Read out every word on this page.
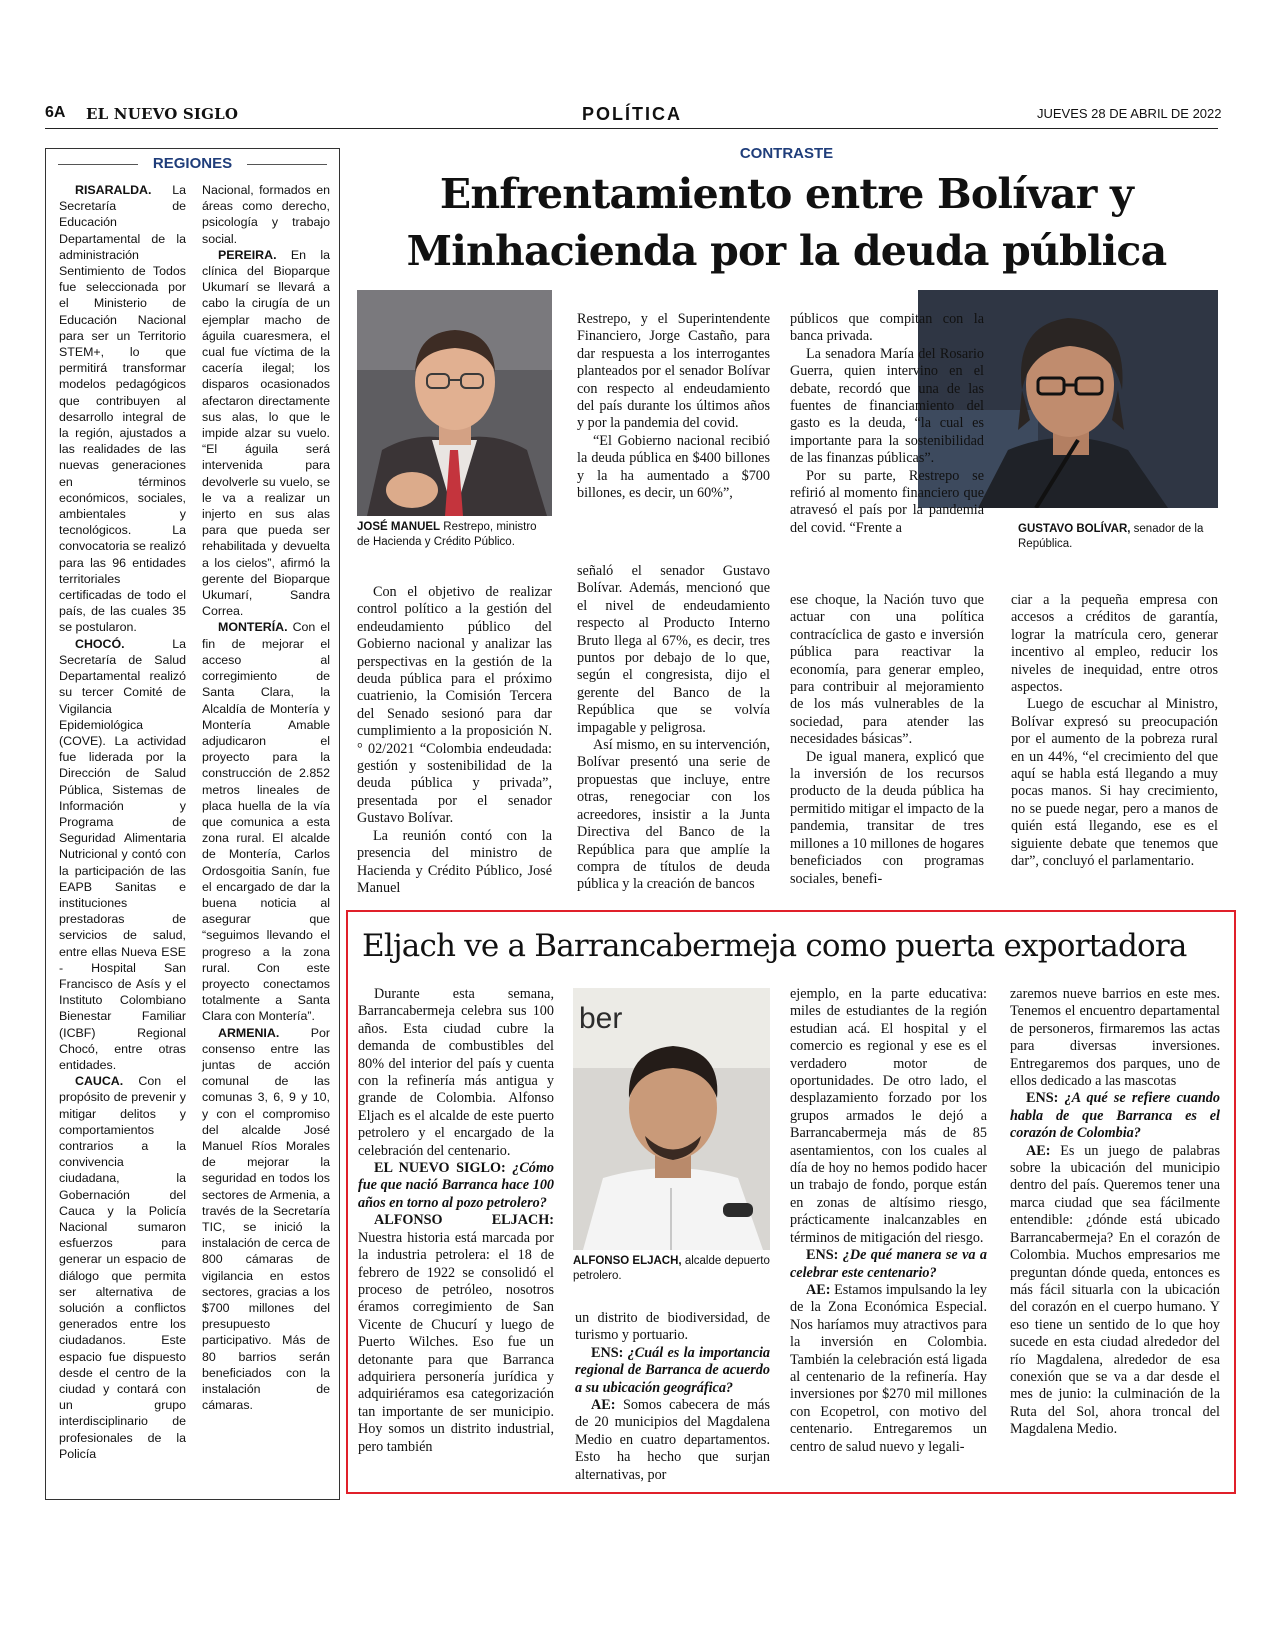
6A EL NUEVO SIGLO	POLÍTICA	JUEVES 28 DE ABRIL DE 2022
REGIONES

RISARALDA. La Secretaría de Educación Departamental de la administración Sentimiento de Todos fue seleccionada por el Ministerio de Educación Nacional para ser un Territorio STEM+, lo que permitirá transformar modelos pedagógicos que contribuyen al desarrollo integral de la región, ajustados a las realidades de las nuevas generaciones en términos económicos, sociales, ambientales y tecnológicos. La convocatoria se realizó para las 96 entidades territoriales certificadas de todo el país, de las cuales 35 se postularon.

CHOCÓ. La Secretaría de Salud Departamental realizó su tercer Comité de Vigilancia Epidemiológica (COVE). La actividad fue liderada por la Dirección de Salud Pública, Sistemas de Información y Programa de Seguridad Alimentaria Nutricional y contó con la participación de las EAPB Sanitas e instituciones prestadoras de servicios de salud, entre ellas Nueva ESE - Hospital San Francisco de Asís y el Instituto Colombiano Bienestar Familiar (ICBF) Regional Chocó, entre otras entidades.

CAUCA. Con el propósito de prevenir y mitigar delitos y comportamientos contrarios a la convivencia ciudadana, la Gobernación del Cauca y la Policía Nacional sumaron esfuerzos para generar un espacio de diálogo que permita ser alternativa de solución a conflictos generados entre los ciudadanos. Este espacio fue dispuesto desde el centro de la ciudad y contará con un grupo interdisciplinario de profesionales de la Policía

Nacional, formados en áreas como derecho, psicología y trabajo social.

PEREIRA. En la clínica del Bioparque Ukumarí se llevará a cabo la cirugía de un ejemplar macho de águila cuaresmera, el cual fue víctima de la cacería ilegal; los disparos ocasionados afectaron directamente sus alas, lo que le impide alzar su vuelo. “El águila será intervenida para devolverle su vuelo, se le va a realizar un injerto en sus alas para que pueda ser rehabilitada y devuelta a los cielos”, afirmó la gerente del Bioparque Ukumarí, Sandra Correa.

MONTERÍA. Con el fin de mejorar el acceso al corregimiento de Santa Clara, la Alcaldía de Montería y Montería Amable adjudicaron el proyecto para la construcción de 2.852 metros lineales de placa huella de la vía que comunica a esta zona rural. El alcalde de Montería, Carlos Ordosgoitia Sanín, fue el encargado de dar la buena noticia al asegurar que “seguimos llevando el progreso a la zona rural. Con este proyecto conectamos totalmente a Santa Clara con Montería”.

ARMENIA. Por consenso entre las juntas de acción comunal de las comunas 3, 6, 9 y 10, y con el compromiso del alcalde José Manuel Ríos Morales de mejorar la seguridad en todos los sectores de Armenia, a través de la Secretaría TIC, se inició la instalación de cerca de 800 cámaras de vigilancia en estos sectores, gracias a los $700 millones del presupuesto participativo. Más de 80 barrios serán beneficiados con la instalación de cámaras.

CONTRASTE
Enfrentamiento entre Bolívar y
Minhacienda por la deuda pública
JOSÉ MANUEL Restrepo, ministro de Hacienda y Crédito Público.
GUSTAVO BOLÍVAR, senador de la República.

Restrepo, y el Superintendente Financiero, Jorge Castaño, para dar respuesta a los interrogantes planteados por el senador Bolívar con respecto al endeudamiento del país durante los últimos años y por la pandemia del covid.

“El Gobierno nacional recibió la deuda pública en $400 billones y la ha aumentado a $700 billones, es decir, un 60%”,

públicos que compitan con la banca privada.

La senadora María del Rosario Guerra, quien intervino en el debate, recordó que una de las fuentes de financiamiento del gasto es la deuda, “la cual es importante para la sostenibilidad de las finanzas públicas”.

Por su parte, Restrepo se refirió al momento financiero que atravesó el país por la pandemia del covid. “Frente a

Con el objetivo de realizar control político a la gestión del endeudamiento público del Gobierno nacional y analizar las perspectivas en la gestión de la deuda pública para el próximo cuatrienio, la Comisión Tercera del Senado sesionó para dar cumplimiento a la proposición N.° 02/2021 “Colombia endeudada: gestión y sostenibilidad de la deuda pública y privada”, presentada por el senador Gustavo Bolívar.

La reunión contó con la presencia del ministro de Hacienda y Crédito Público, José Manuel

señaló el senador Gustavo Bolívar. Además, mencionó que el nivel de endeudamiento respecto al Producto Interno Bruto llega al 67%, es decir, tres puntos por debajo de lo que, según el congresista, dijo el gerente del Banco de la República que se volvía impagable y peligrosa.

Así mismo, en su intervención, Bolívar presentó una serie de propuestas que incluye, entre otras, renegociar con los acreedores, insistir a la Junta Directiva del Banco de la República para que amplíe la compra de títulos de deuda pública y la creación de bancos

ese choque, la Nación tuvo que actuar con una política contracíclica de gasto e inversión pública para reactivar la economía, para generar empleo, para contribuir al mejoramiento de los más vulnerables de la sociedad, para atender las necesidades básicas”.

De igual manera, explicó que la inversión de los recursos producto de la deuda pública ha permitido mitigar el impacto de la pandemia, transitar de tres millones a 10 millones de hogares beneficiados con programas sociales, benefi-

ciar a la pequeña empresa con accesos a créditos de garantía, lograr la matrícula cero, generar incentivo al empleo, reducir los niveles de inequidad, entre otros aspectos.

Luego de escuchar al Ministro, Bolívar expresó su preocupación por el aumento de la pobreza rural en un 44%, “el crecimiento del que aquí se habla está llegando a muy pocas manos. Si hay crecimiento, no se puede negar, pero a manos de quién está llegando, ese es el siguiente debate que tenemos que dar”, concluyó el parlamentario.

Eljach ve a Barrancabermeja como puerta exportadora
ber
ALFONSO ELJACH, alcalde depuerto petrolero.

Durante esta semana, Barrancabermeja celebra sus 100 años. Esta ciudad cubre la demanda de combustibles del 80% del interior del país y cuenta con la refinería más antigua y grande de Colombia. Alfonso Eljach es el alcalde de este puerto petrolero y el encargado de la celebración del centenario.

EL NUEVO SIGLO: ¿Cómo fue que nació Barranca hace 100 años en torno al pozo petrolero?

ALFONSO ELJACH: Nuestra historia está marcada por la industria petrolera: el 18 de febrero de 1922 se consolidó el proceso de petróleo, nosotros éramos corregimiento de San Vicente de Chucurí y luego de Puerto Wilches. Eso fue un detonante para que Barranca adquiriera personería jurídica y adquiriéramos esa categorización tan importante de ser municipio. Hoy somos un distrito industrial, pero también

un distrito de biodiversidad, de turismo y portuario.

ENS: ¿Cuál es la importancia regional de Barranca de acuerdo a su ubicación geográfica?

AE: Somos cabecera de más de 20 municipios del Magdalena Medio en cuatro departamentos. Esto ha hecho que surjan alternativas, por

ejemplo, en la parte educativa: miles de estudiantes de la región estudian acá. El hospital y el comercio es regional y ese es el verdadero motor de oportunidades. De otro lado, el desplazamiento forzado por los grupos armados le dejó a Barrancabermeja más de 85 asentamientos, con los cuales al día de hoy no hemos podido hacer un trabajo de fondo, porque están en zonas de altísimo riesgo, prácticamente inalcanzables en términos de mitigación del riesgo.

ENS: ¿De qué manera se va a celebrar este centenario?

AE: Estamos impulsando la ley de la Zona Económica Especial. Nos haríamos muy atractivos para la inversión en Colombia. También la celebración está ligada al centenario de la refinería. Hay inversiones por $270 mil millones con Ecopetrol, con motivo del centenario. Entregaremos un centro de salud nuevo y legali-

zaremos nueve barrios en este mes. Tenemos el encuentro departamental de personeros, firmaremos las actas para diversas inversiones. Entregaremos dos parques, uno de ellos dedicado a las mascotas

ENS: ¿A qué se refiere cuando habla de que Barranca es el corazón de Colombia?

AE: Es un juego de palabras sobre la ubicación del municipio dentro del país. Queremos tener una marca ciudad que sea fácilmente entendible: ¿dónde está ubicado Barrancabermeja? En el corazón de Colombia. Muchos empresarios me preguntan dónde queda, entonces es más fácil situarla con la ubicación del corazón en el cuerpo humano. Y eso tiene un sentido de lo que hoy sucede en esta ciudad alrededor del río Magdalena, alrededor de esa conexión que se va a dar desde el mes de junio: la culminación de la Ruta del Sol, ahora troncal del Magdalena Medio.
